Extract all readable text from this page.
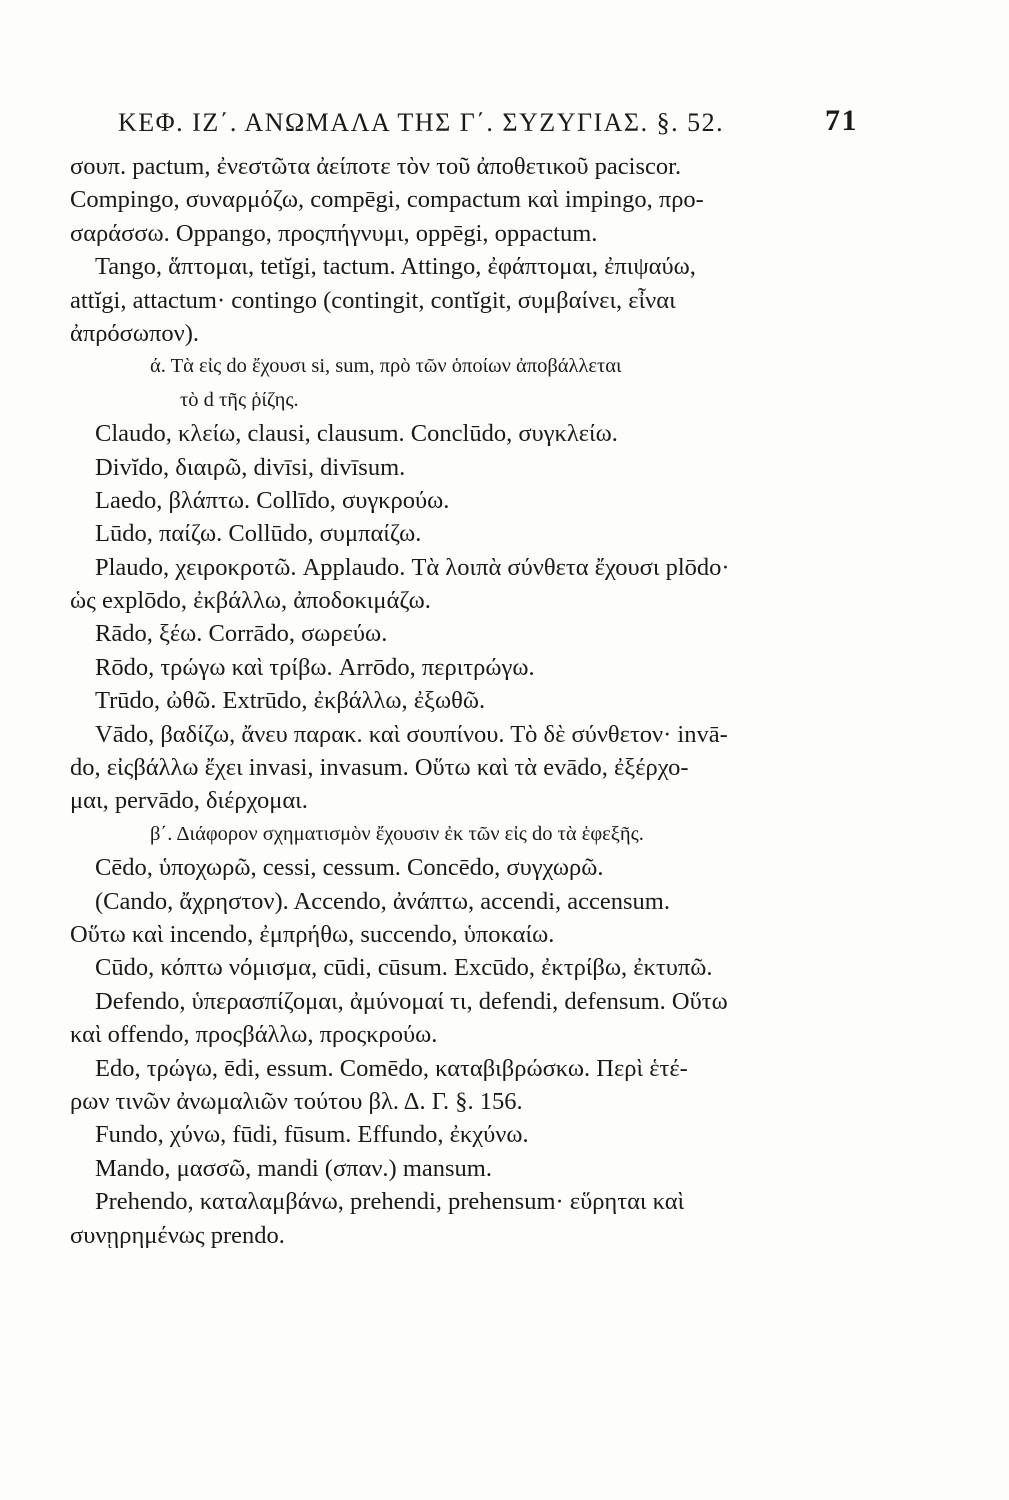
ΚΕΦ. ΙΖ΄. ΑΝΩΜΑΛΑ ΤΗΣ Γ΄. ΣΥΖΥΓΙΑΣ. §. 52.	71
σουπ. pactum, ἐνεστῶτα ἀείποτε τὸν τοῦ ἀποθετικοῦ paciscor.
Compingo, συναρμόζω, compēgi, compactum καὶ impingo, προ-
σαράσσω. Oppango, προςπήγνυμι, oppēgi, oppactum.
Tango, ἅπτομαι, tetĭgi, tactum. Attingo, ἐφάπτομαι, ἐπιψαύω,
attĭgi, attactum· contingo (contingit, contĭgit, συμβαίνει, εἶναι
ἀπρόσωπον).
ά. Τὰ εἰς do ἔχουσι si, sum, πρὸ τῶν ὁποίων ἀποβάλλεται
τὸ d τῆς ῥίζης.
Claudo, κλείω, clausi, clausum. Conclūdo, συγκλείω.
Divĭdo, διαιρῶ, divīsi, divīsum.
Laedo, βλάπτω. Collīdo, συγκρούω.
Lūdo, παίζω. Collūdo, συμπαίζω.
Plaudo, χειροκροτῶ. Applaudo. Τὰ λοιπὰ σύνθετα ἔχουσι plōdo·
ὡς explōdo, ἐκβάλλω, ἀποδοκιμάζω.
Rādo, ξέω. Corrādo, σωρεύω.
Rōdo, τρώγω καὶ τρίβω. Arrōdo, περιτρώγω.
Trūdo, ὠθῶ. Extrūdo, ἐκβάλλω, ἐξωθῶ.
Vādo, βαδίζω, ἄνευ παρακ. καὶ σουπίνου. Τὸ δὲ σύνθετον· invā-
do, εἰςβάλλω ἔχει invasi, invasum. Οὕτω καὶ τὰ evādo, ἐξέρχο-
μαι, pervādo, διέρχομαι.
β΄. Διάφορον σχηματισμὸν ἔχουσιν ἐκ τῶν εἰς do τὰ ἑφεξῆς.
Cēdo, ὑποχωρῶ, cessi, cessum. Concēdo, συγχωρῶ.
(Cando, ἄχρηστον). Accendo, ἀνάπτω, accendi, accensum.
Οὕτω καὶ incendo, ἐμπρήθω, succendo, ὑποκαίω.
Cūdo, κόπτω νόμισμα, cūdi, cūsum. Excūdo, ἐκτρίβω, ἐκτυπῶ.
Defendo, ὑπερασπίζομαι, ἀμύνομαί τι, defendi, defensum. Οὕτω
καὶ offendo, προςβάλλω, προςκρούω.
Edo, τρώγω, ēdi, essum. Comēdo, καταβιβρώσκω. Περὶ ἑτέ-
ρων τινῶν ἀνωμαλιῶν τούτου βλ. Δ. Γ. §. 156.
Fundo, χύνω, fūdi, fūsum. Effundo, ἐκχύνω.
Mando, μασσῶ, mandi (σπαν.) mansum.
Prehendo, καταλαμβάνω, prehendi, prehensum· εὕρηται καὶ
συνῃρημένως prendo.
